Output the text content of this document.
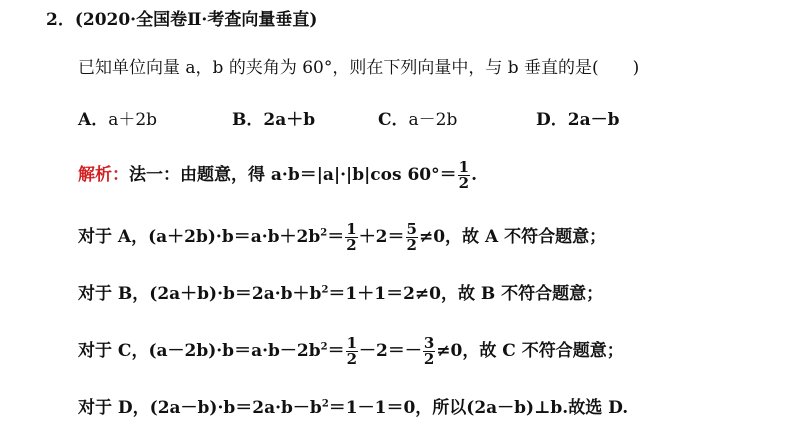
2．(2020·全国卷Ⅱ·考查向量垂直)
已知单位向量 a，b 的夹角为 60°，则在下列向量中，与 b 垂直的是(　　)
A．a＋2b	B．2a＋b	C．a－2b	D．2a－b
解析：法一：由题意，得 a·b＝|a|·|b|cos $60^\circ= \frac{1}{2}$ .
对于 A，$(a+2b)\cdot b=a\cdot b+2b^2= \frac{1}{2} +2= \frac{5}{2} \ne 0$，故 A 不符合题意；
对于 B，$(2a+b)\cdot b=2a\cdot b+b^2=1+1=2\ne 0$，故 B 不符合题意；
对于 C，$(a-2b)\cdot b=a\cdot b-2b^2= \frac{1}{2} -2=- \frac{3}{2} \ne 0$，故 C 不符合题意；
对于 D，$(2a-b)\cdot b=2a\cdot b-b^2=1-1=0$，所以(2a－b)⊥b.故选 D.
